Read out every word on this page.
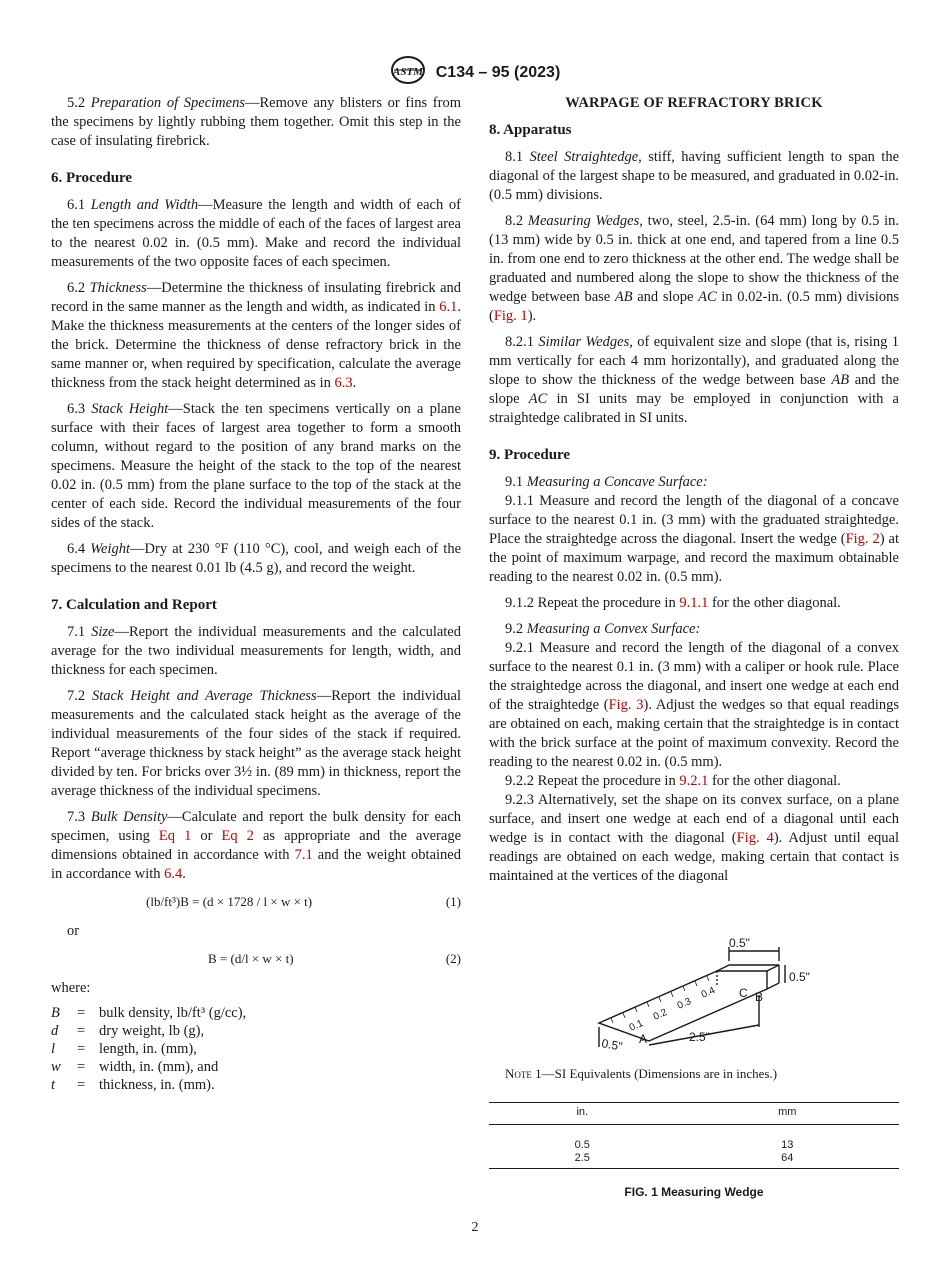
ASTM C134 – 95 (2023)

5.2 Preparation of Specimens—Remove any blisters or fins from the specimens by lightly rubbing them together. Omit this step in the case of insulating firebrick.

6. Procedure

6.1 Length and Width—Measure the length and width of each of the ten specimens across the middle of each of the faces of largest area to the nearest 0.02 in. (0.5 mm). Make and record the individual measurements of the two opposite faces of each specimen.

6.2 Thickness—Determine the thickness of insulating firebrick and record in the same manner as the length and width, as indicated in 6.1. Make the thickness measurements at the centers of the longer sides of the brick. Determine the thickness of dense refractory brick in the same manner or, when required by specification, calculate the average thickness from the stack height determined as in 6.3.

6.3 Stack Height—Stack the ten specimens vertically on a plane surface with their faces of largest area together to form a smooth column, without regard to the position of any brand marks on the specimens. Measure the height of the stack to the top of the nearest 0.02 in. (0.5 mm) from the plane surface to the top of the stack at the center of each side. Record the individual measurements of the four sides of the stack.

6.4 Weight—Dry at 230 °F (110 °C), cool, and weigh each of the specimens to the nearest 0.01 lb (4.5 g), and record the weight.

7. Calculation and Report

7.1 Size—Report the individual measurements and the calculated average for the two individual measurements for length, width, and thickness for each specimen.

7.2 Stack Height and Average Thickness—Report the individual measurements and the calculated stack height as the average of the individual measurements of the four sides of the stack if required. Report “average thickness by stack height” as the average stack height divided by ten. For bricks over 3½ in. (89 mm) in thickness, report the average thickness of the individual specimens.

7.3 Bulk Density—Calculate and report the bulk density for each specimen, using Eq 1 or Eq 2 as appropriate and the average dimensions obtained in accordance with 7.1 and the weight obtained in accordance with 6.4.

(lb/ft³)B = (d × 1728 / l × w × t)	(1)
or
B = (d/l × w × t)	(2)
where:
B	= bulk density, lb/ft³ (g/cc),
d	= dry weight, lb (g),
l	= length, in. (mm),
w	= width, in. (mm), and
t	= thickness, in. (mm).
WARPAGE OF REFRACTORY BRICK
8. Apparatus

8.1 Steel Straightedge, stiff, having sufficient length to span the diagonal of the largest shape to be measured, and graduated in 0.02-in. (0.5 mm) divisions.

8.2 Measuring Wedges, two, steel, 2.5-in. (64 mm) long by 0.5 in. (13 mm) wide by 0.5 in. thick at one end, and tapered from a line 0.5 in. from one end to zero thickness at the other end. The wedge shall be graduated and numbered along the slope to show the thickness of the wedge between base AB and slope AC in 0.02-in. (0.5 mm) divisions (Fig. 1).

8.2.1 Similar Wedges, of equivalent size and slope (that is, rising 1 mm vertically for each 4 mm horizontally), and graduated along the slope to show the thickness of the wedge between base AB and the slope AC in SI units may be employed in conjunction with a straightedge calibrated in SI units.

9. Procedure

9.1 Measuring a Concave Surface:

9.1.1 Measure and record the length of the diagonal of a concave surface to the nearest 0.1 in. (3 mm) with the graduated straightedge. Place the straightedge across the diagonal. Insert the wedge (Fig. 2) at the point of maximum warpage, and record the maximum obtainable reading to the nearest 0.02 in. (0.5 mm).

9.1.2 Repeat the procedure in 9.1.1 for the other diagonal.

9.2 Measuring a Convex Surface:

9.2.1 Measure and record the length of the diagonal of a convex surface to the nearest 0.1 in. (3 mm) with a caliper or hook rule. Place the straightedge across the diagonal, and insert one wedge at each end of the straightedge (Fig. 3). Adjust the wedges so that equal readings are obtained on each, making certain that the straightedge is in contact with the brick surface at the point of maximum convexity. Record the reading to the nearest 0.02 in. (0.5 mm).

9.2.2 Repeat the procedure in 9.2.1 for the other diagonal.

9.2.3 Alternatively, set the shape on its convex surface, on a plane surface, and insert one wedge at each end of a diagonal until each wedge is in contact with the diagonal (Fig. 4). Adjust until equal readings are obtained on each wedge, making certain that contact is maintained at the vertices of the diagonal

0.5"
0.5"
0.5"	2.5"
A
B
C
0.1
0.2
0.3
0.4
Note 1—SI Equivalents (Dimensions are in inches.)
in.	mm

0.5	13
2.5	64
FIG. 1 Measuring Wedge
2
